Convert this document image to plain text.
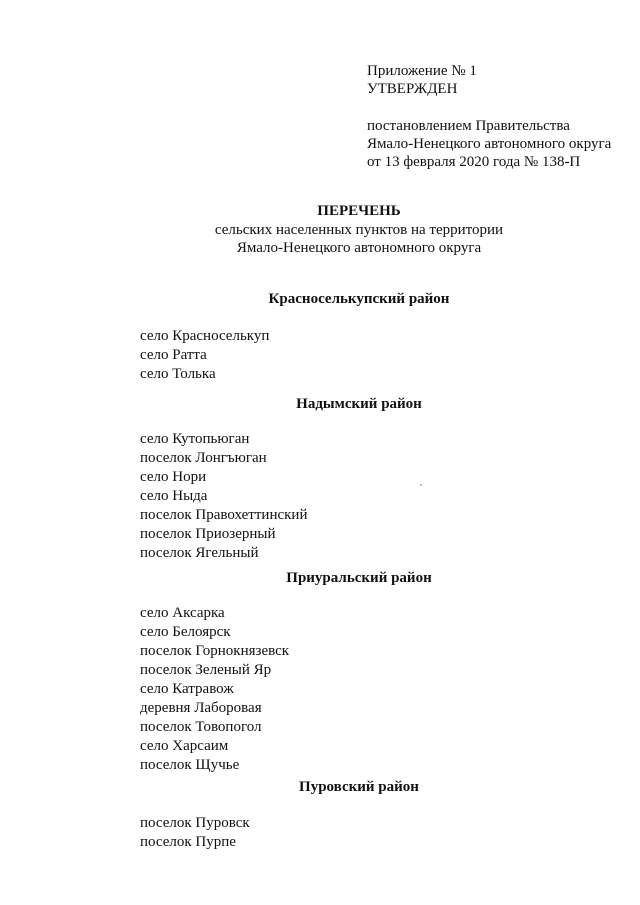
Приложение № 1
УТВЕРЖДЕН
постановлением Правительства
Ямало-Ненецкого автономного округа
от 13 февраля 2020 года № 138-П
ПЕРЕЧЕНЬ
сельских населенных пунктов на территории
Ямало-Ненецкого автономного округа
Красноселькупский район
село Красноселькуп
село Ратта
село Толька
Надымский район
село Кутопьюган
поселок Лонгъюган
село Нори
село Ныда
поселок Правохеттинский
поселок Приозерный
поселок Ягельный
Приуральский район
село Аксарка
село Белоярск
поселок Горнокнязевск
поселок Зеленый Яр
село Катравож
деревня Лаборовая
поселок Товопогол
село Харсаим
поселок Щучье
Пуровский район
поселок Пуровск
поселок Пурпе
